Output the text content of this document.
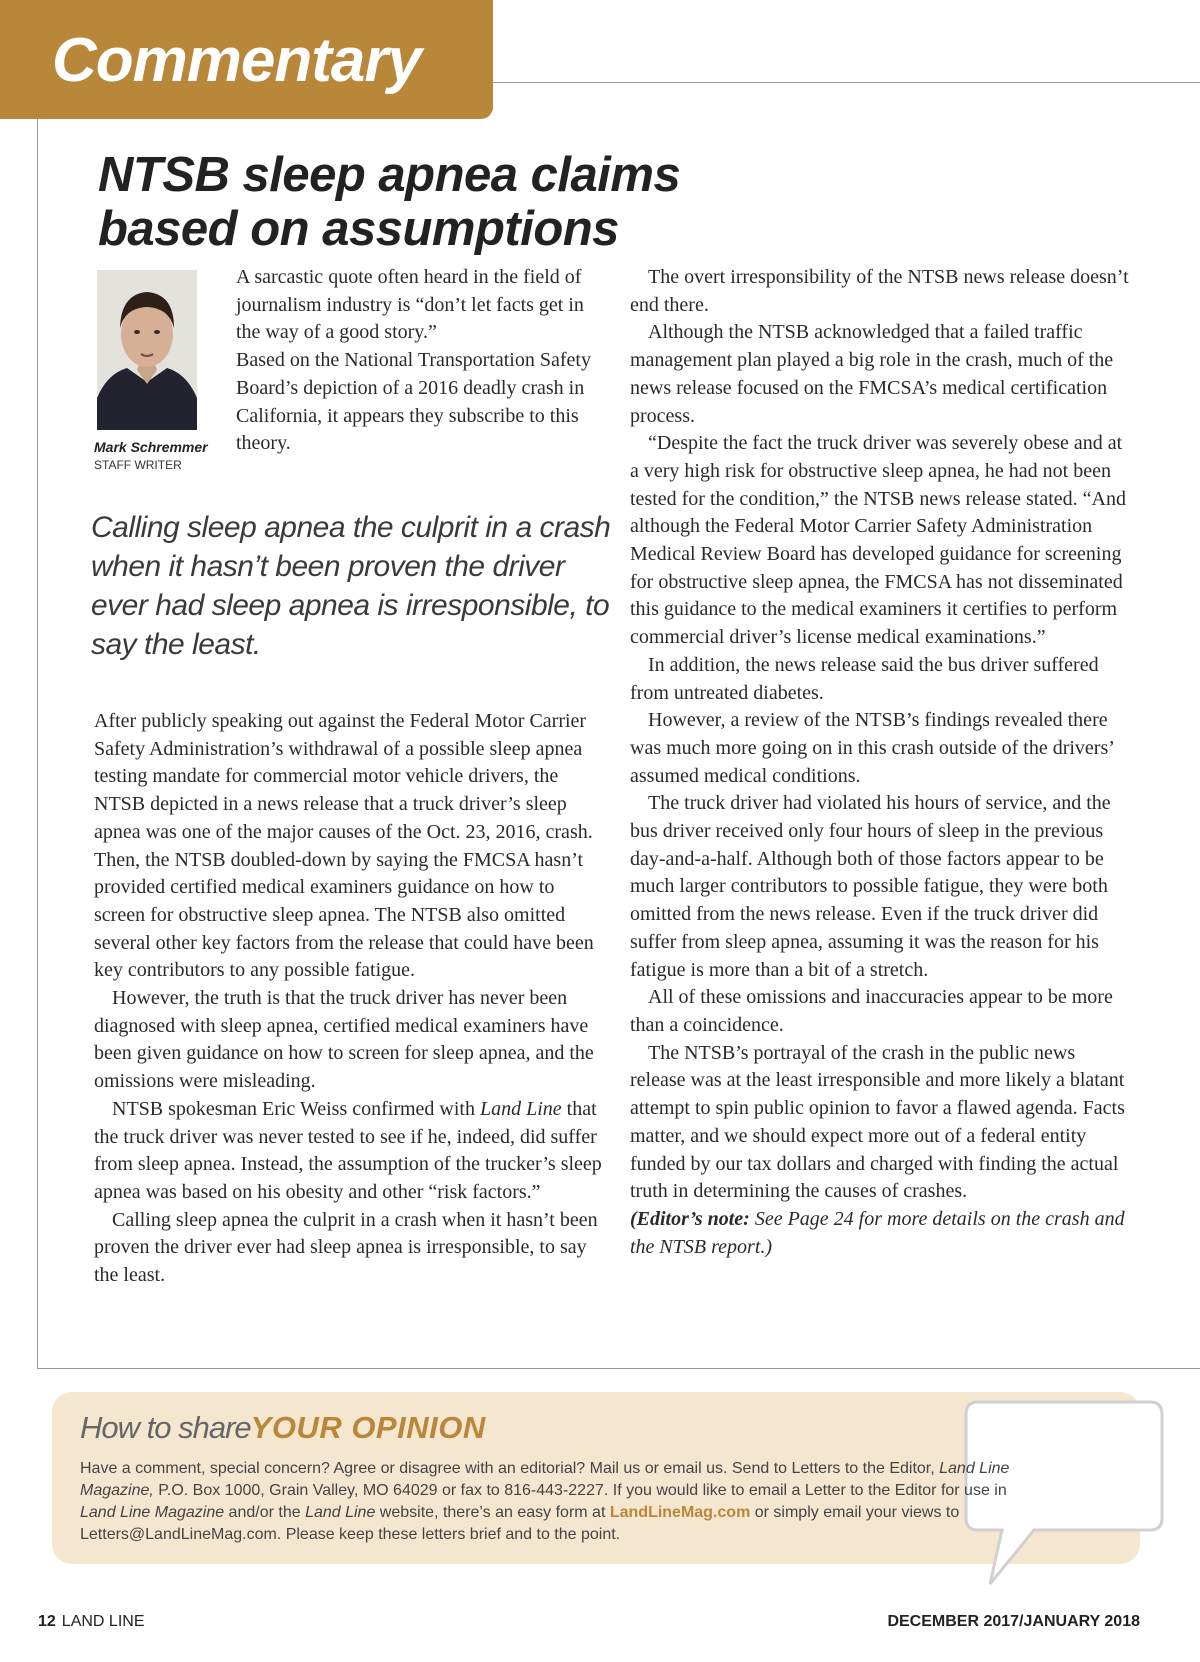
Commentary
NTSB sleep apnea claims
based on assumptions
Mark Schremmer
STAFF WRITER

A sarcastic quote often heard in the field of journalism industry is “don’t let facts get in the way of a good story.”

Based on the National Transportation Safety Board’s depiction of a 2016 deadly crash in California, it appears they subscribe to this theory.

Calling sleep apnea the culprit in a crash when it hasn’t been proven the driver ever had sleep apnea is irresponsible, to say the least.

After publicly speaking out against the Federal Motor Carrier Safety Administration’s withdrawal of a possible sleep apnea testing mandate for commercial motor vehicle drivers, the NTSB depicted in a news release that a truck driver’s sleep apnea was one of the major causes of the Oct. 23, 2016, crash. Then, the NTSB doubled-down by saying the FMCSA hasn’t provided certified medical examiners guidance on how to screen for obstructive sleep apnea. The NTSB also omitted several other key factors from the release that could have been key contributors to any possible fatigue.

However, the truth is that the truck driver has never been diagnosed with sleep apnea, certified medical examiners have been given guidance on how to screen for sleep apnea, and the omissions were misleading.

NTSB spokesman Eric Weiss confirmed with Land Line that the truck driver was never tested to see if he, indeed, did suffer from sleep apnea. Instead, the assumption of the trucker’s sleep apnea was based on his obesity and other “risk factors.”

Calling sleep apnea the culprit in a crash when it hasn’t been proven the driver ever had sleep apnea is irresponsible, to say the least.

The overt irresponsibility of the NTSB news release doesn’t end there.

Although the NTSB acknowledged that a failed traffic management plan played a big role in the crash, much of the news release focused on the FMCSA’s medical certification process.

“Despite the fact the truck driver was severely obese and at a very high risk for obstructive sleep apnea, he had not been tested for the condition,” the NTSB news release stated. “And although the Federal Motor Carrier Safety Administration Medical Review Board has developed guidance for screening for obstructive sleep apnea, the FMCSA has not disseminated this guidance to the medical examiners it certifies to perform commercial driver’s license medical examinations.”

In addition, the news release said the bus driver suffered from untreated diabetes.

However, a review of the NTSB’s findings revealed there was much more going on in this crash outside of the drivers’ assumed medical conditions.

The truck driver had violated his hours of service, and the bus driver received only four hours of sleep in the previous day-and-a-half. Although both of those factors appear to be much larger contributors to possible fatigue, they were both omitted from the news release. Even if the truck driver did suffer from sleep apnea, assuming it was the reason for his fatigue is more than a bit of a stretch.

All of these omissions and inaccuracies appear to be more than a coincidence.

The NTSB’s portrayal of the crash in the public news release was at the least irresponsible and more likely a blatant attempt to spin public opinion to favor a flawed agenda. Facts matter, and we should expect more out of a federal entity funded by our tax dollars and charged with finding the actual truth in determining the causes of crashes.

(Editor’s note: See Page 24 for more details on the crash and the NTSB report.)

How to shareYOUR OPINION

Have a comment, special concern? Agree or disagree with an editorial? Mail us or email us. Send to Letters to the Editor, Land Line Magazine, P.O. Box 1000, Grain Valley, MO 64029 or fax to 816-443-2227. If you would like to email a Letter to the Editor for use in Land Line Magazine and/or the Land Line website, there’s an easy form at LandLineMag.com or simply email your views to Letters@LandLineMag.com. Please keep these letters brief and to the point.

12 LAND LINE	DECEMBER 2017/JANUARY 2018
